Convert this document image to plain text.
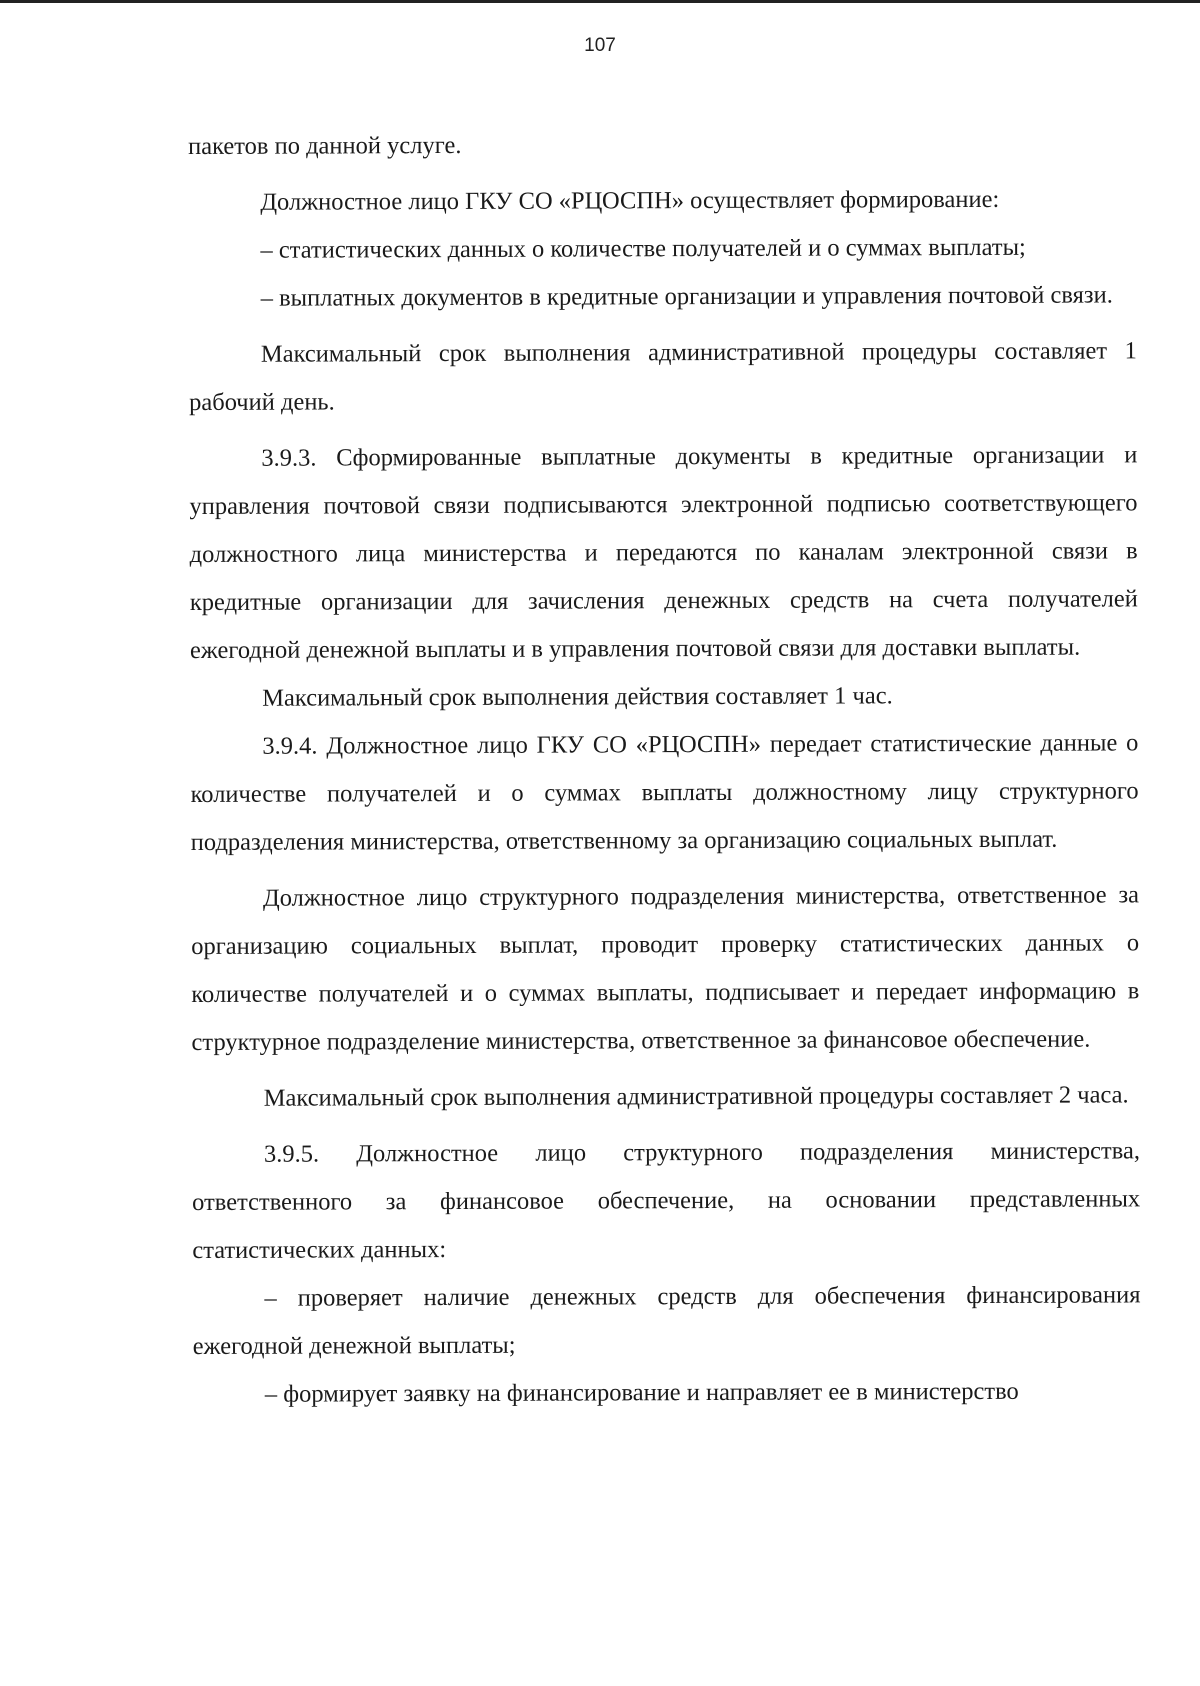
107

пакетов по данной услуге.

Должностное лицо ГКУ СО «РЦОСПН» осуществляет формирование:

– статистических данных о количестве получателей и о суммах выплаты;

– выплатных документов в кредитные организации и управления почтовой связи.

Максимальный срок выполнения административной процедуры составляет 1 рабочий день.

3.9.3. Сформированные выплатные документы в кредитные организации и управления почтовой связи подписываются электронной подписью соответствующего должностного лица министерства и передаются по каналам электронной связи в кредитные организации для зачисления денежных средств на счета получателей ежегодной денежной выплаты и в управления почтовой связи для доставки выплаты.

Максимальный срок выполнения действия составляет 1 час.

3.9.4. Должностное лицо ГКУ СО «РЦОСПН» передает статистические данные о количестве получателей и о суммах выплаты должностному лицу структурного подразделения министерства, ответственному за организацию социальных выплат.

Должностное лицо структурного подразделения министерства, ответственное за организацию социальных выплат, проводит проверку статистических данных о количестве получателей и о суммах выплаты, подписывает и передает информацию в структурное подразделение министерства, ответственное за финансовое обеспечение.

Максимальный срок выполнения административной процедуры составляет 2 часа.

3.9.5. Должностное лицо структурного подразделения министерства, ответственного за финансовое обеспечение, на основании представленных статистических данных:

– проверяет наличие денежных средств для обеспечения финансирования ежегодной денежной выплаты;

– формирует заявку на финансирование и направляет ее в министерство
